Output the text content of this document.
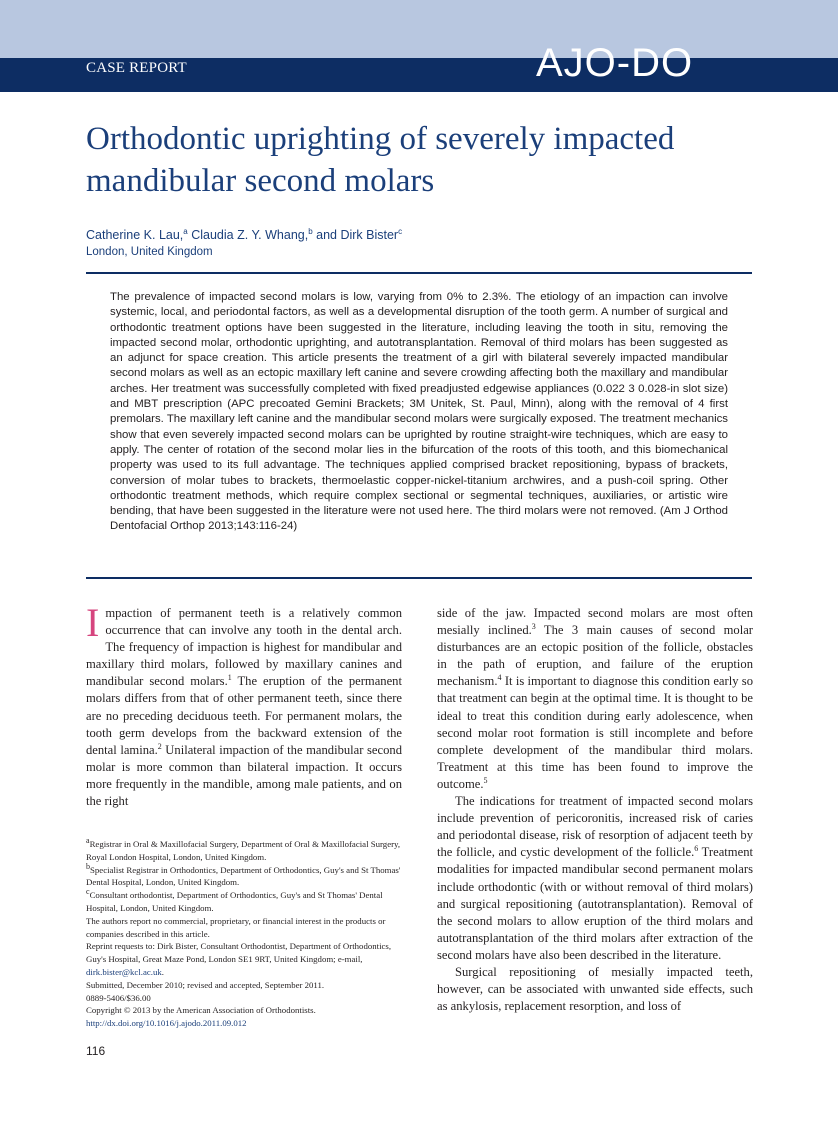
CASE REPORT	AJO-DO
Orthodontic uprighting of severely impacted mandibular second molars
Catherine K. Lau,$^a$ Claudia Z. Y. Whang,$^b$ and Dirk Bister$^c$
London, United Kingdom

The prevalence of impacted second molars is low, varying from 0% to 2.3%. The etiology of an impaction can involve systemic, local, and periodontal factors, as well as a developmental disruption of the tooth germ. A number of surgical and orthodontic treatment options have been suggested in the literature, including leaving the tooth in situ, removing the impacted second molar, orthodontic uprighting, and autotransplantation. Removal of third molars has been suggested as an adjunct for space creation. This article presents the treatment of a girl with bilateral severely impacted mandibular second molars as well as an ectopic maxillary left canine and severe crowding affecting both the maxillary and mandibular arches. Her treatment was successfully completed with fixed preadjusted edgewise appliances (0.022 3 0.028-in slot size) and MBT prescription (APC precoated Gemini Brackets; 3M Unitek, St. Paul, Minn), along with the removal of 4 first premolars. The maxillary left canine and the mandibular second molars were surgically exposed. The treatment mechanics show that even severely impacted second molars can be uprighted by routine straight-wire techniques, which are easy to apply. The center of rotation of the second molar lies in the bifurcation of the roots of this tooth, and this biomechanical property was used to its full advantage. The techniques applied comprised bracket repositioning, bypass of brackets, conversion of molar tubes to brackets, thermoelastic copper-nickel-titanium archwires, and a push-coil spring. Other orthodontic treatment methods, which require complex sectional or segmental techniques, auxiliaries, or artistic wire bending, that have been suggested in the literature were not used here. The third molars were not removed. (Am J Orthod Dentofacial Orthop 2013;143:116-24)

Impaction of permanent teeth is a relatively common occurrence that can involve any tooth in the dental arch. The frequency of impaction is highest for mandibular and maxillary third molars, followed by maxillary canines and mandibular second molars.$^1$ The eruption of the permanent molars differs from that of other permanent teeth, since there are no preceding deciduous teeth. For permanent molars, the tooth germ develops from the backward extension of the dental lamina.$^2$ Unilateral impaction of the mandibular second molar is more common than bilateral impaction. It occurs more frequently in the mandible, among male patients, and on the right

side of the jaw. Impacted second molars are most often mesially inclined.$^3$ The 3 main causes of second molar disturbances are an ectopic position of the follicle, obstacles in the path of eruption, and failure of the eruption mechanism.$^4$ It is important to diagnose this condition early so that treatment can begin at the optimal time. It is thought to be ideal to treat this condition during early adolescence, when second molar root formation is still incomplete and before complete development of the mandibular third molars. Treatment at this time has been found to improve the outcome.$^5$

The indications for treatment of impacted second molars include prevention of pericoronitis, increased risk of caries and periodontal disease, risk of resorption of adjacent teeth by the follicle, and cystic development of the follicle.$^6$ Treatment modalities for impacted mandibular second permanent molars include orthodontic (with or without removal of third molars) and surgical repositioning (autotransplantation). Removal of the second molars to allow eruption of the third molars and autotransplantation of the third molars after extraction of the second molars have also been described in the literature.

Surgical repositioning of mesially impacted teeth, however, can be associated with unwanted side effects, such as ankylosis, replacement resorption, and loss of

$^a$Registrar in Oral & Maxillofacial Surgery, Department of Oral & Maxillofacial Surgery, Royal London Hospital, London, United Kingdom.
$^b$Specialist Registrar in Orthodontics, Department of Orthodontics, Guy's and St Thomas' Dental Hospital, London, United Kingdom.
$^c$Consultant orthodontist, Department of Orthodontics, Guy's and St Thomas' Dental Hospital, London, United Kingdom.
The authors report no commercial, proprietary, or financial interest in the products or companies described in this article.
Reprint requests to: Dirk Bister, Consultant Orthodontist, Department of Orthodontics, Guy's Hospital, Great Maze Pond, London SE1 9RT, United Kingdom; e-mail, dirk.bister@kcl.ac.uk.
Submitted, December 2010; revised and accepted, September 2011.
0889-5406/$36.00
Copyright © 2013 by the American Association of Orthodontists.
http://dx.doi.org/10.1016/j.ajodo.2011.09.012
116
